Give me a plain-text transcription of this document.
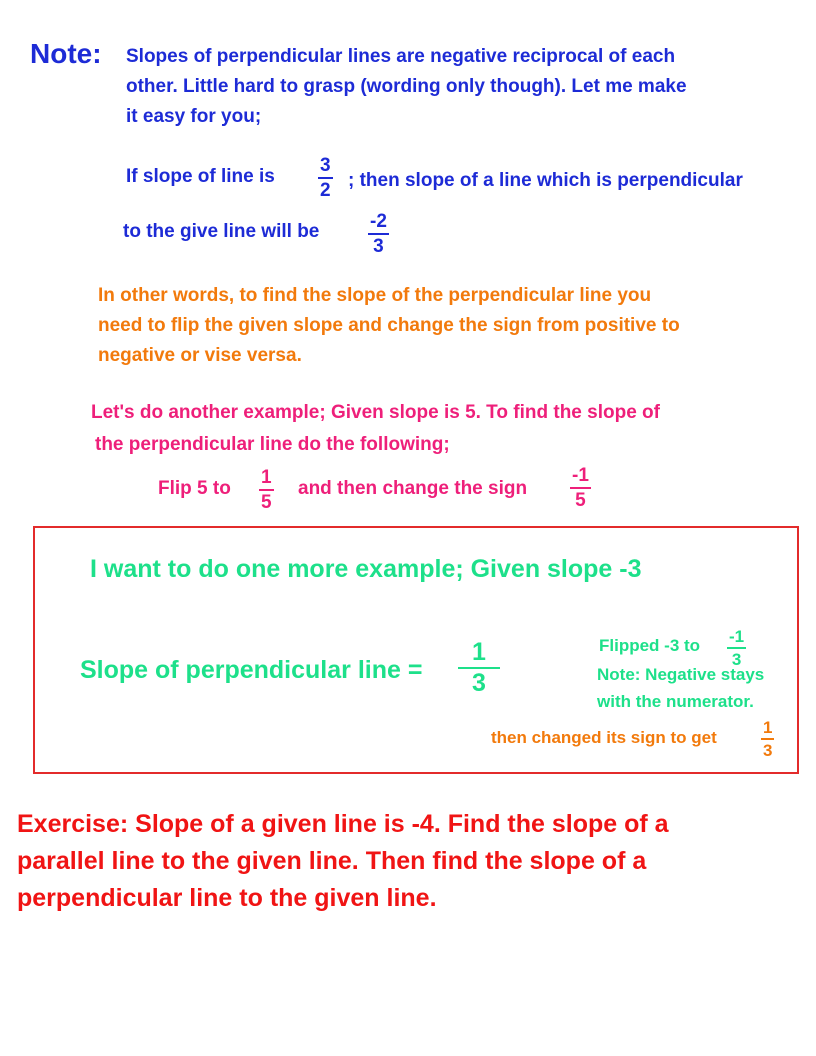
Note: Slopes of perpendicular lines are negative reciprocal of each
other. Little hard to grasp (wording only though). Let me make
it easy for you;
If slope of line is
3
2 ; then slope of a line which is perpendicular
to the give line will be	-2
3
In other words, to find the slope of the perpendicular line you
need to flip the given slope and change the sign from positive to
negative or vise versa.
Let's do another example; Given slope is 5. To find the slope of
the perpendicular line do the following;
Flip 5 to
1
5
and then change the sign
-1
5
I want to do one more example; Given slope -3
Slope of perpendicular line =
1
3
Flipped -3 to -1
3
Note: Negative stays
with the numerator.
then changed its sign to get
1
3
Exercise: Slope of a given line is -4. Find the slope of a
parallel line to the given line. Then find the slope of a
perpendicular line to the given line.
